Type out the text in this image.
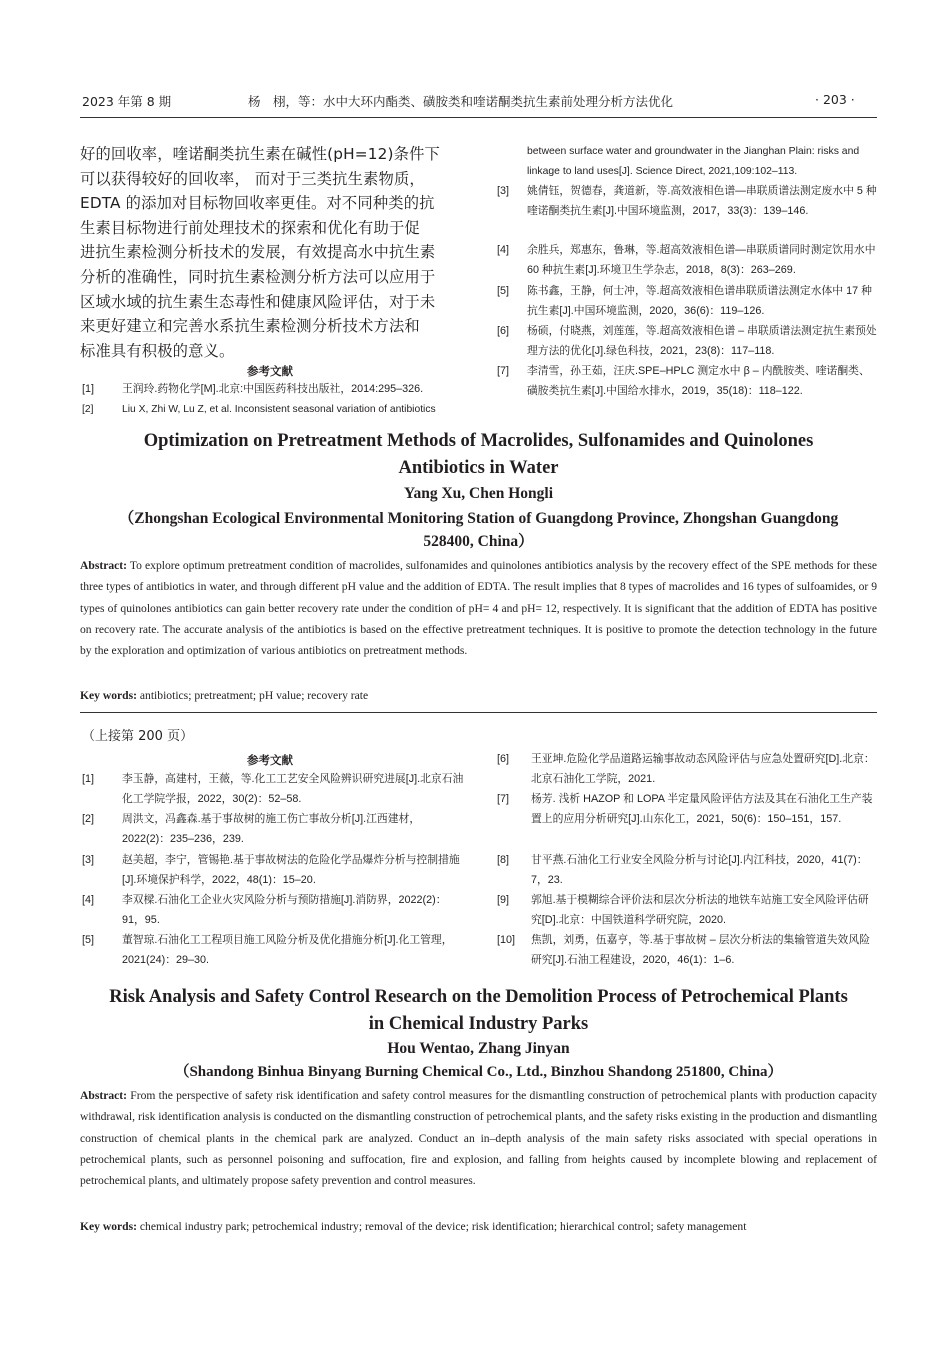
2023 年第 8 期	杨　栩，等：水中大环内酯类、磺胺类和喹诺酮类抗生素前处理分析方法优化	· 203 ·
好的回收率，喹诺酮类抗生素在碱性(pH=12)条件下
可以获得较好的回收率， 而对于三类抗生素物质，
EDTA 的添加对目标物回收率更佳。对不同种类的抗
生素目标物进行前处理技术的探索和优化有助于促
进抗生素检测分析技术的发展，有效提高水中抗生素
分析的准确性，同时抗生素检测分析方法可以应用于
区域水域的抗生素生态毒性和健康风险评估，对于未
来更好建立和完善水系抗生素检测分析技术方法和
标准具有积极的意义。
参考文献
[1]	王润玲.药物化学[M].北京:中国医药科技出版社，2014:295–326.
[2]	Liu X, Zhi W, Lu Z, et al. Inconsistent seasonal variation of antibiotics
between surface water and groundwater in the Jianghan Plain: risks and linkage to land uses[J]. Science Direct, 2021,109:102–113.
[3]	姚倩钰，贺德春，龚道新，等.高效液相色谱—串联质谱法测定废水中 5 种喹诺酮类抗生素[J].中国环境监测，2017，33(3)：139–146.
[4]	余胜兵，郑惠东，鲁琳，等.超高效液相色谱—串联质谱同时测定饮用水中 60 种抗生素[J].环境卫生学杂志，2018，8(3)：263–269.
[5]	陈书鑫，王静，何士冲，等.超高效液相色谱串联质谱法测定水体中 17 种抗生素[J].中国环境监测，2020，36(6)：119–126.
[6]	杨硕，付晓燕，刘莲莲，等.超高效液相色谱 – 串联质谱法测定抗生素预处理方法的优化[J].绿色科技，2021，23(8)：117–118.
[7]	李清雪，孙王茹，汪庆.SPE–HPLC 测定水中 β – 内酰胺类、喹诺酮类、磺胺类抗生素[J].中国给水排水，2019，35(18)：118–122.
Optimization on Pretreatment Methods of Macrolides, Sulfonamides and Quinolones
Antibiotics in Water
Yang Xu, Chen Hongli
（Zhongshan Ecological Environmental Monitoring Station of Guangdong Province, Zhongshan Guangdong
528400, China）
Abstract: To explore optimum pretreatment condition of macrolides, sulfonamides and quinolones antibiotics analysis by the recovery effect of the SPE methods for these three types of antibiotics in water, and through different pH value and the addition of EDTA. The result implies that 8 types of macrolides and 16 types of sulfoamides, or 9 types of quinolones antibiotics can gain better recovery rate under the condition of pH= 4 and pH= 12, respectively. It is significant that the addition of EDTA has positive on recovery rate. The accurate analysis of the antibiotics is based on the effective pretreatment techniques. It is positive to promote the detection technology in the future by the exploration and optimization of various antibiotics on pretreatment methods.
Key words: antibiotics; pretreatment; pH value; recovery rate
（上接第 200 页）
参考文献
[1]	李玉静，高建村，王薇，等.化工工艺安全风险辨识研究进展[J].北京石油化工学院学报，2022，30(2)：52–58.
[2]	周洪文，冯鑫森.基于事故树的施工伤亡事故分析[J].江西建材，2022(2)：235–236，239.
[3]	赵美超，李宁，管锡艳.基于事故树法的危险化学品爆炸分析与控制措施[J].环境保护科学，2022，48(1)：15–20.
[4]	李双樑.石油化工企业火灾风险分析与预防措施[J].消防界，2022(2)：91，95.
[5]	董智琼.石油化工工程项目施工风险分析及优化措施分析[J].化工管理，2021(24)：29–30.
[6]	王亚坤.危险化学品道路运输事故动态风险评估与应急处置研究[D].北京：北京石油化工学院，2021.
[7]	杨芳. 浅析 HAZOP 和 LOPA 半定量风险评估方法及其在石油化工生产装置上的应用分析研究[J].山东化工，2021，50(6)：150–151，157.
[8]	甘平燕.石油化工行业安全风险分析与讨论[J].内江科技，2020，41(7)：7，23.
[9]	郭旭.基于模糊综合评价法和层次分析法的地铁车站施工安全风险评估研究[D].北京：中国铁道科学研究院，2020.
[10]	焦凯，刘勇，伍嘉亨，等.基于事故树 – 层次分析法的集输管道失效风险研究[J].石油工程建设，2020，46(1)：1–6.
Risk Analysis and Safety Control Research on the Demolition Process of Petrochemical Plants
in Chemical Industry Parks
Hou Wentao, Zhang Jinyan
（Shandong Binhua Binyang Burning Chemical Co., Ltd., Binzhou Shandong 251800, China）
Abstract: From the perspective of safety risk identification and safety control measures for the dismantling construction of petrochemical plants with production capacity withdrawal, risk identification analysis is conducted on the dismantling construction of petrochemical plants, and the safety risks existing in the production and dismantling construction of chemical plants in the chemical park are analyzed. Conduct an in–depth analysis of the main safety risks associated with special operations in petrochemical plants, such as personnel poisoning and suffocation, fire and explosion, and falling from heights caused by incomplete blowing and replacement of petrochemical plants, and ultimately propose safety prevention and control measures.
Key words: chemical industry park; petrochemical industry; removal of the device; risk identification; hierarchical control; safety management
